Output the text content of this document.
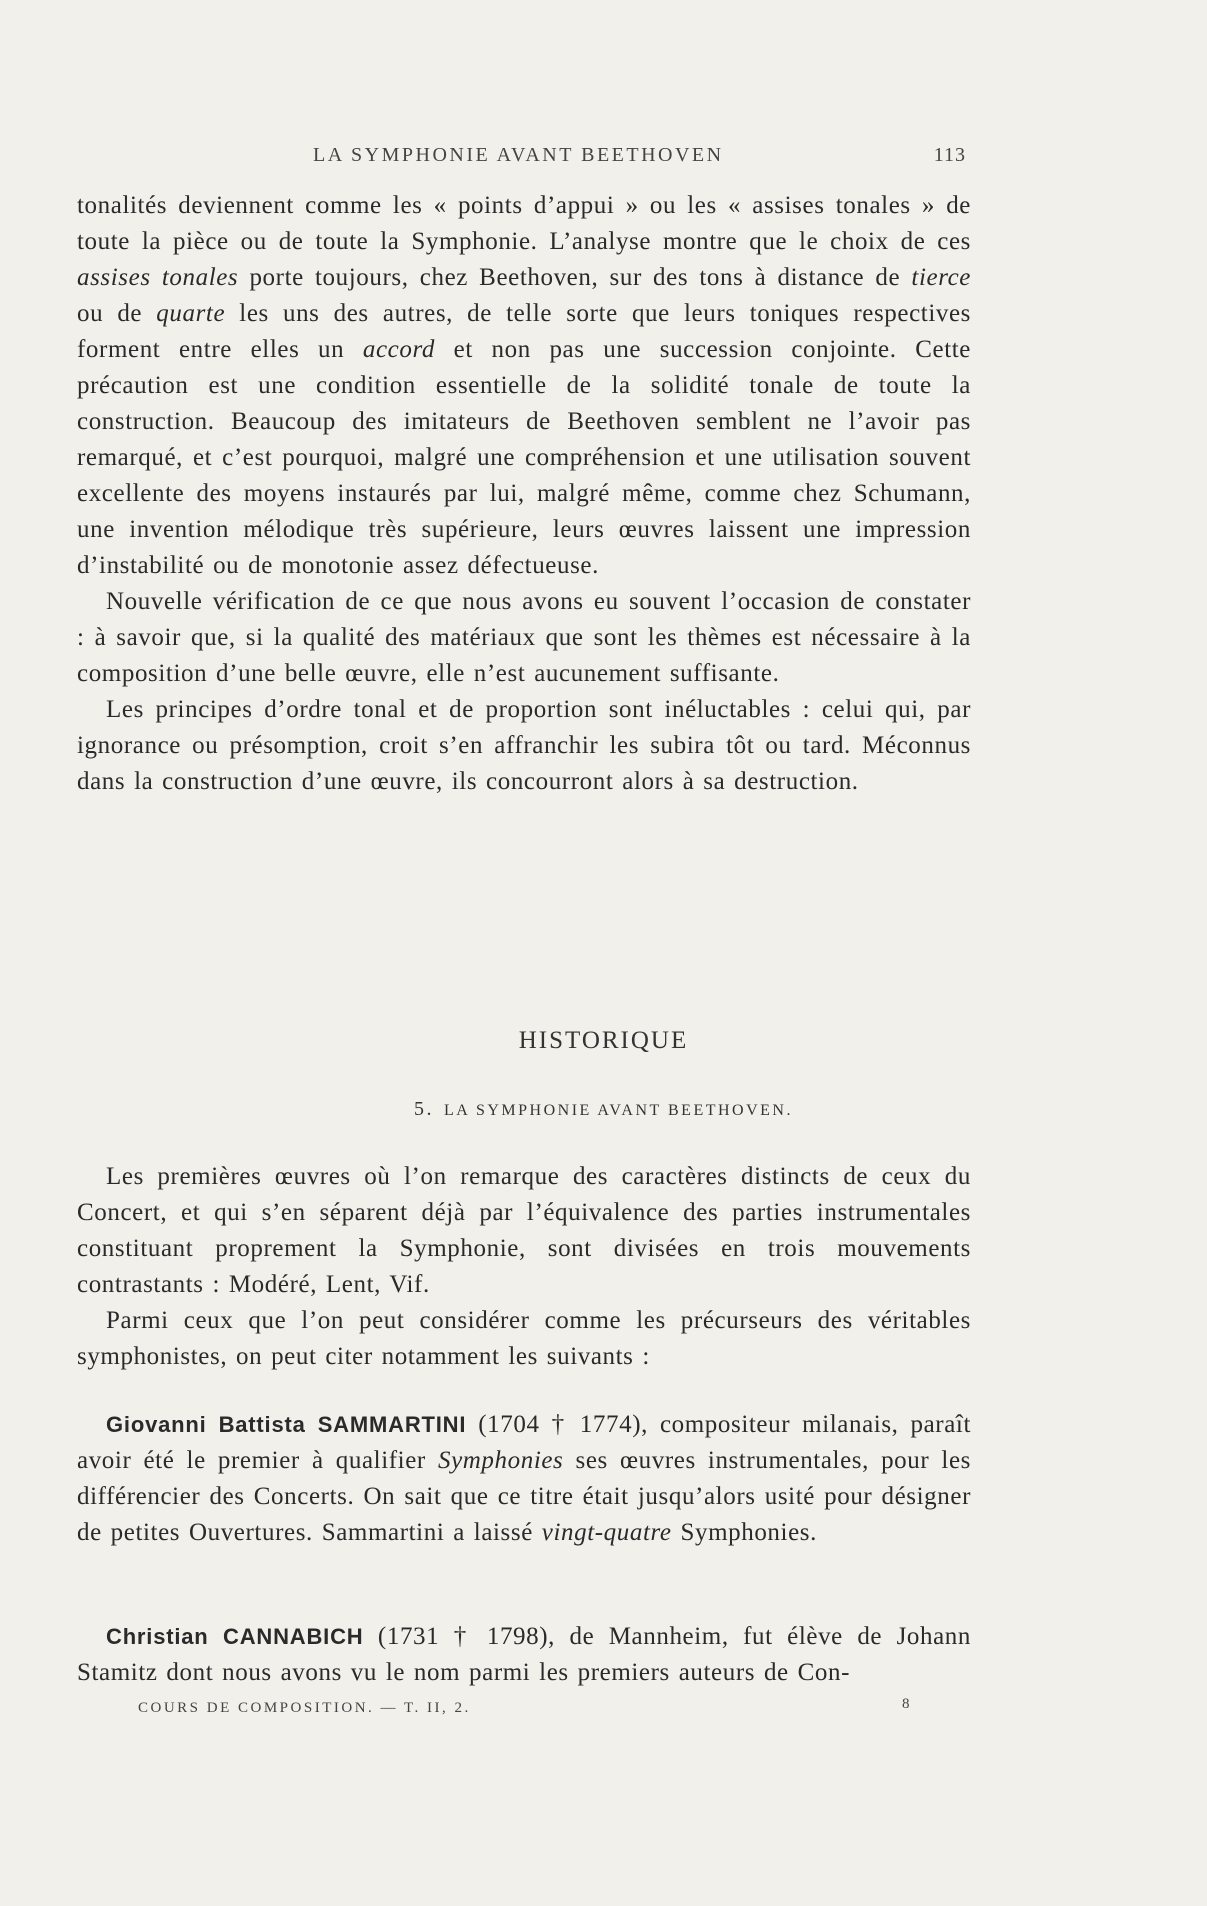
LA SYMPHONIE AVANT BEETHOVEN	113

tonalités deviennent comme les « points d’appui » ou les « assises tonales » de toute la pièce ou de toute la Symphonie. L’analyse montre que le choix de ces assises tonales porte toujours, chez Beethoven, sur des tons à distance de tierce ou de quarte les uns des autres, de telle sorte que leurs toniques respectives forment entre elles un accord et non pas une succession conjointe. Cette précaution est une condition essentielle de la solidité tonale de toute la construction. Beaucoup des imitateurs de Beethoven semblent ne l’avoir pas remarqué, et c’est pourquoi, malgré une compréhension et une utilisation souvent excellente des moyens instaurés par lui, malgré même, comme chez Schumann, une invention mélodique très supérieure, leurs œuvres laissent une impression d’instabilité ou de monotonie assez défectueuse.

Nouvelle vérification de ce que nous avons eu souvent l’occasion de constater : à savoir que, si la qualité des matériaux que sont les thèmes est nécessaire à la composition d’une belle œuvre, elle n’est aucunement suffisante.

Les principes d’ordre tonal et de proportion sont inéluctables : celui qui, par ignorance ou présomption, croit s’en affranchir les subira tôt ou tard. Méconnus dans la construction d’une œuvre, ils concourront alors à sa destruction.

HISTORIQUE
5. LA SYMPHONIE AVANT BEETHOVEN.

Les premières œuvres où l’on remarque des caractères distincts de ceux du Concert, et qui s’en séparent déjà par l’équivalence des parties instrumentales constituant proprement la Symphonie, sont divisées en trois mouvements contrastants : Modéré, Lent, Vif.

Parmi ceux que l’on peut considérer comme les précurseurs des véritables symphonistes, on peut citer notamment les suivants :

Giovanni Battista SAMMARTINI (1704 † 1774), compositeur milanais, paraît avoir été le premier à qualifier Symphonies ses œuvres instrumentales, pour les différencier des Concerts. On sait que ce titre était jusqu’alors usité pour désigner de petites Ouvertures. Sammartini a laissé vingt-quatre Symphonies.

Christian CANNABICH (1731 † 1798), de Mannheim, fut élève de Johann Stamitz dont nous avons vu le nom parmi les premiers auteurs de Con-

COURS DE COMPOSITION. — T. II, 2.	8
